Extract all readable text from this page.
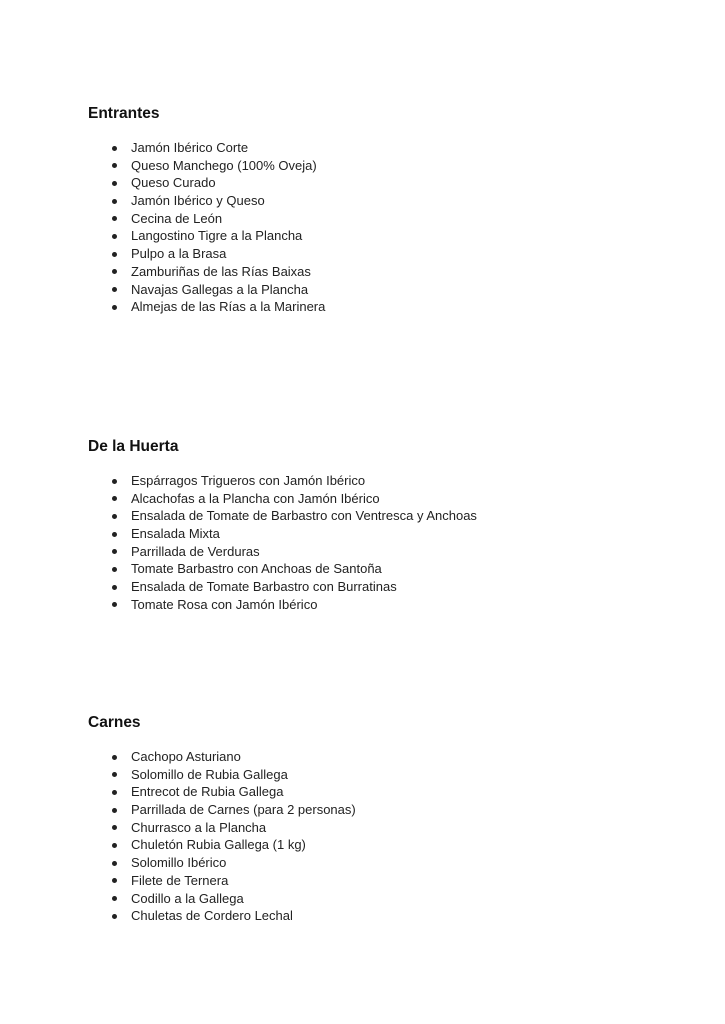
Entrantes
Jamón Ibérico Corte
Queso Manchego (100% Oveja)
Queso Curado
Jamón Ibérico y Queso
Cecina de León
Langostino Tigre a la Plancha
Pulpo a la Brasa
Zamburiñas de las Rías Baixas
Navajas Gallegas a la Plancha
Almejas de las Rías a la Marinera
De la Huerta
Espárragos Trigueros con Jamón Ibérico
Alcachofas a la Plancha con Jamón Ibérico
Ensalada de Tomate de Barbastro con Ventresca y Anchoas
Ensalada Mixta
Parrillada de Verduras
Tomate Barbastro con Anchoas de Santoña
Ensalada de Tomate Barbastro con Burratinas
Tomate Rosa con Jamón Ibérico
Carnes
Cachopo Asturiano
Solomillo de Rubia Gallega
Entrecot de Rubia Gallega
Parrillada de Carnes (para 2 personas)
Churrasco a la Plancha
Chuletón Rubia Gallega (1 kg)
Solomillo Ibérico
Filete de Ternera
Codillo a la Gallega
Chuletas de Cordero Lechal
